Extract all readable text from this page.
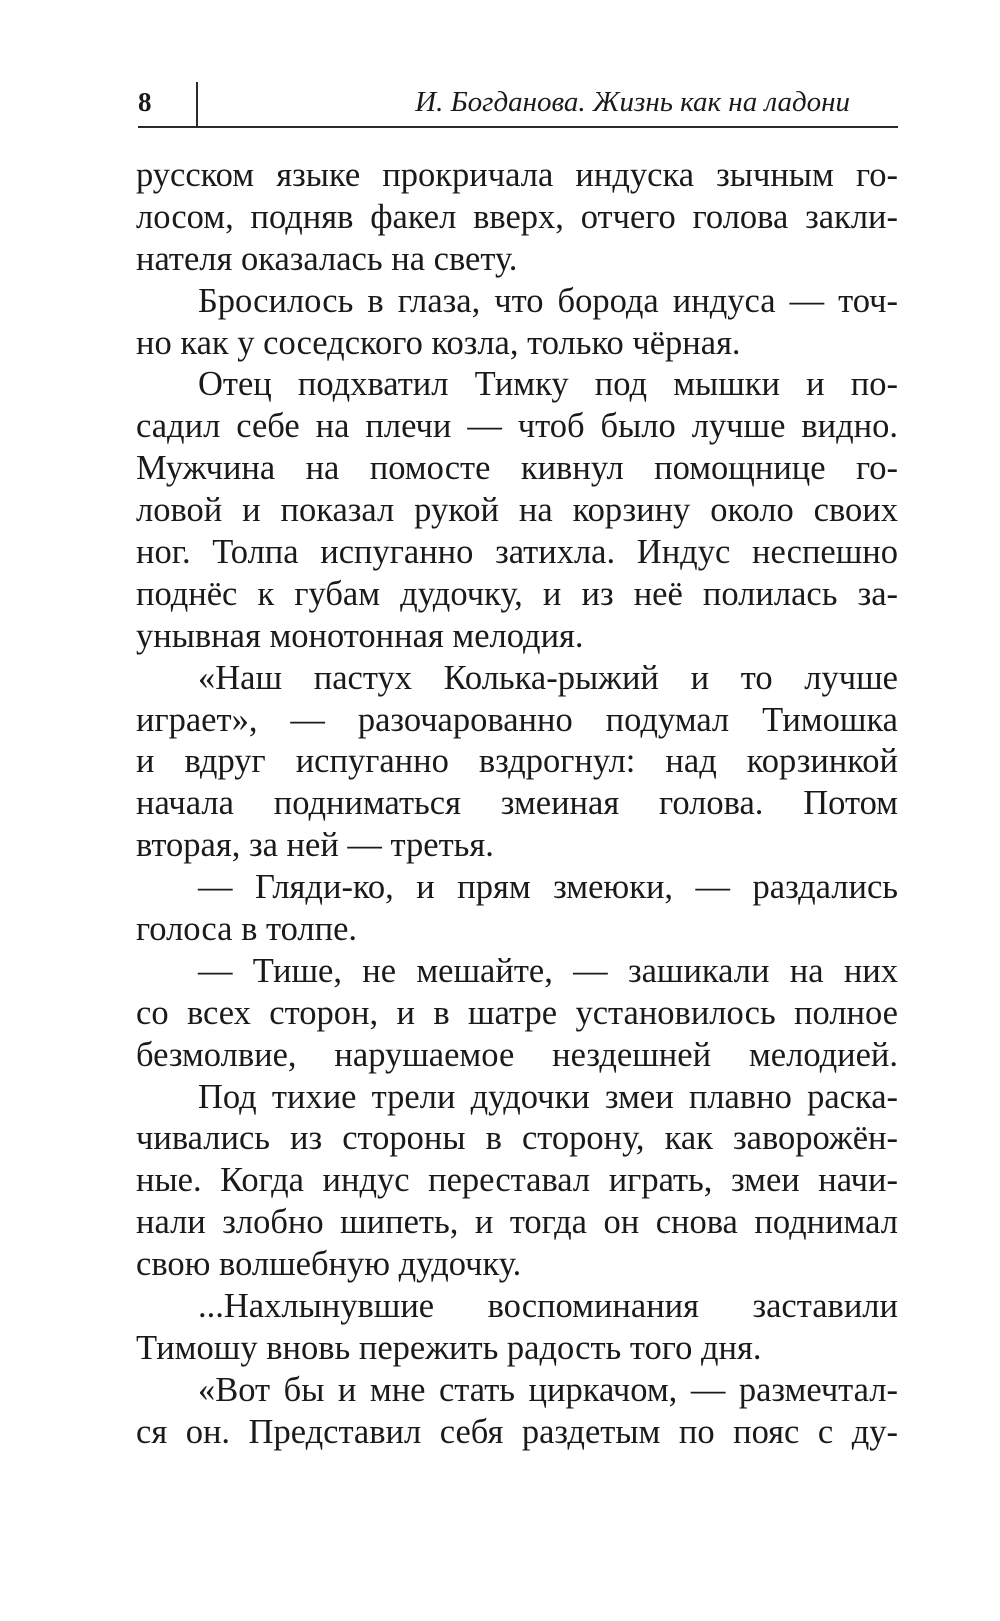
8	И. Богданова. Жизнь как на ладони
русском языке прокричала индуска зычным го-
лосом, подняв факел вверх, отчего голова закли-
нателя оказалась на свету.
Бросилось в глаза, что борода индуса — точ-
но как у соседского козла, только чёрная.
Отец подхватил Тимку под мышки и по-
садил себе на плечи — чтоб было лучше видно.
Мужчина на помосте кивнул помощнице го-
ловой и показал рукой на корзину около своих
ног. Толпа испуганно затихла. Индус неспешно
поднёс к губам дудочку, и из неё полилась за-
унывная монотонная мелодия.
«Наш пастух Колька-рыжий и то лучше
играет», — разочарованно подумал Тимошка
и вдруг испуганно вздрогнул: над корзинкой
начала подниматься змеиная голова. Потом
вторая, за ней — третья.
— Гляди-ко, и прям змеюки, — раздались
голоса в толпе.
— Тише, не мешайте, — зашикали на них
со всех сторон, и в шатре установилось полное
безмолвие, нарушаемое нездешней мелодией.
Под тихие трели дудочки змеи плавно раска-
чивались из стороны в сторону, как заворожён-
ные. Когда индус переставал играть, змеи начи-
нали злобно шипеть, и тогда он снова поднимал
свою волшебную дудочку.
...Нахлынувшие воспоминания заставили
Тимошу вновь пережить радость того дня.
«Вот бы и мне стать циркачом, — размечтал-
ся он. Представил себя раздетым по пояс с ду-
